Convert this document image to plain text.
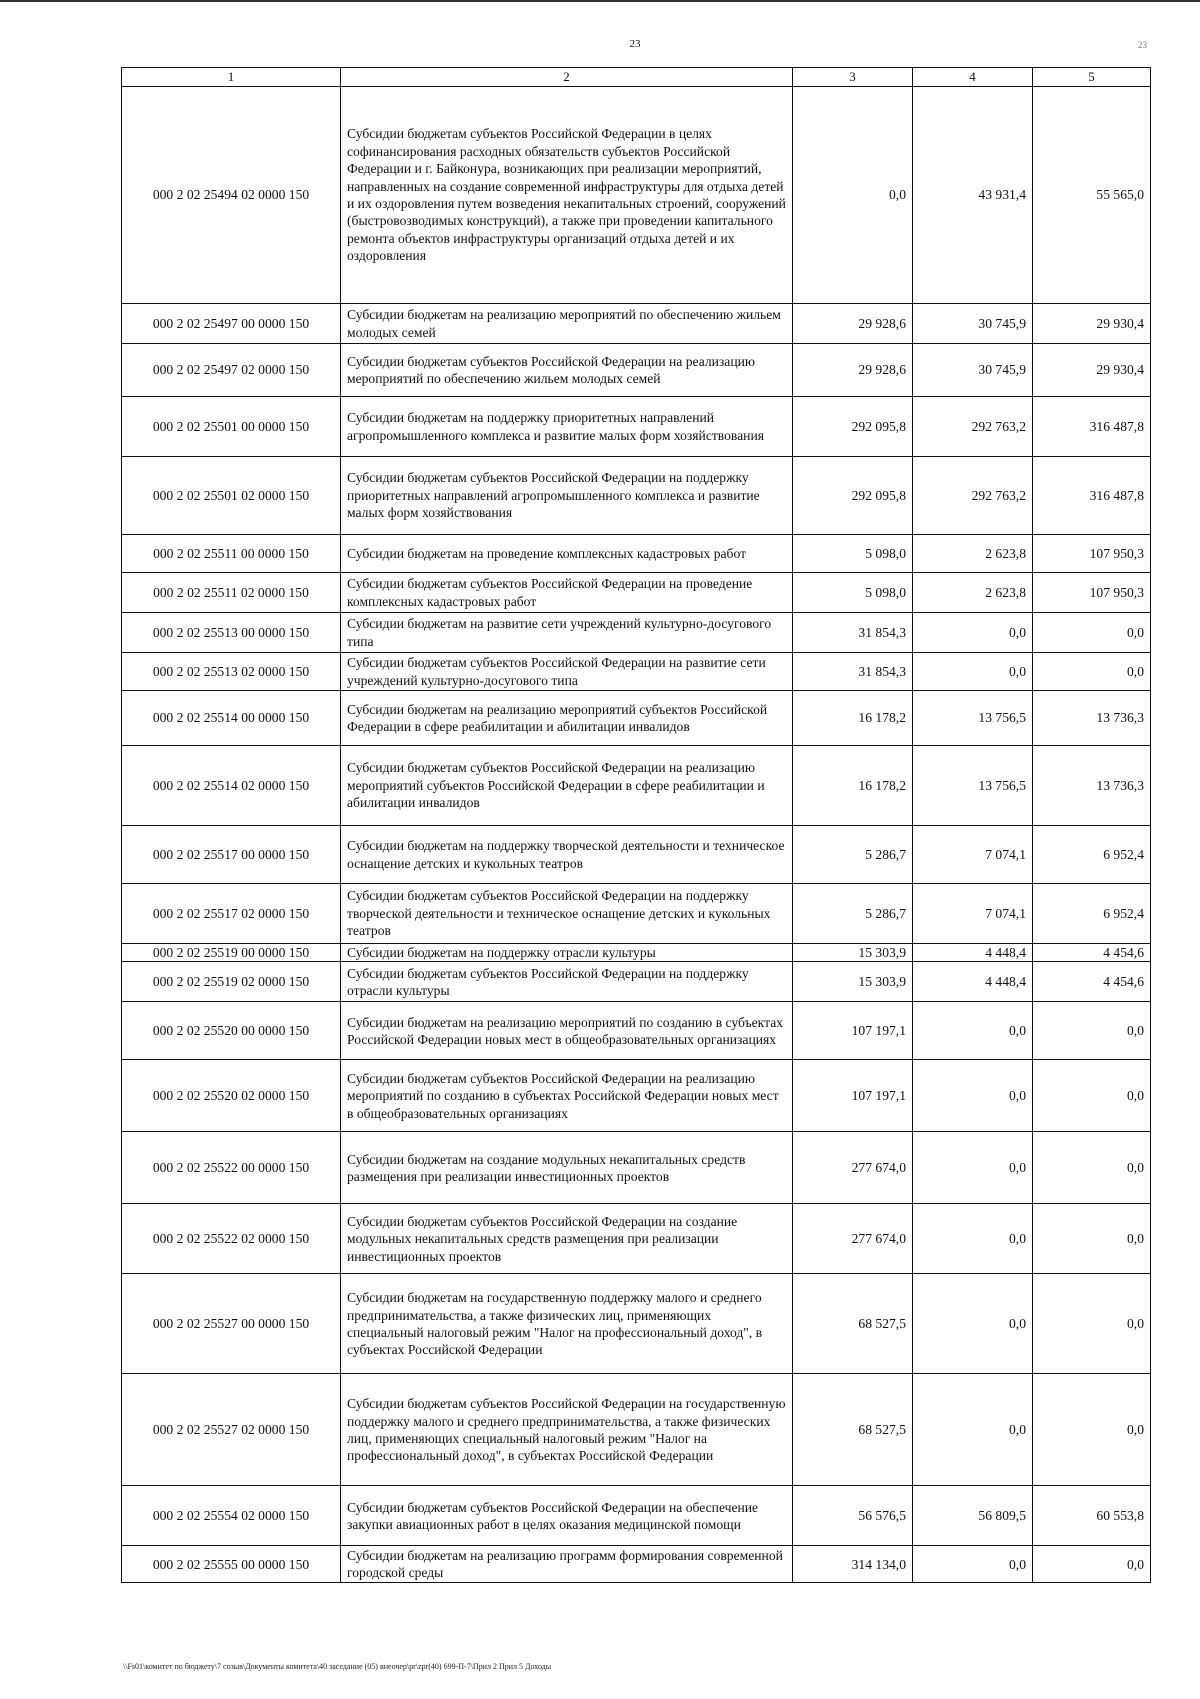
23	23
1	2	3	4	5
000 2 02 25494 02 0000 150	Субсидии бюджетам субъектов Российской Федерации в целях софинансирования расходных обязательств субъектов Российской Федерации и г. Байконура, возникающих при реализации мероприятий, направленных на создание современной инфраструктуры для отдыха детей и их оздоровления путем возведения некапитальных строений, сооружений (быстровозводимых конструкций), а также при проведении капитального ремонта объектов инфраструктуры организаций отдыха детей и их оздоровления	0,0	43 931,4	55 565,0
000 2 02 25497 00 0000 150	Субсидии бюджетам на реализацию мероприятий по обеспечению жильем молодых семей	29 928,6	30 745,9	29 930,4
000 2 02 25497 02 0000 150	Субсидии бюджетам субъектов Российской Федерации на реализацию мероприятий по обеспечению жильем молодых семей	29 928,6	30 745,9	29 930,4
000 2 02 25501 00 0000 150	Субсидии бюджетам на поддержку приоритетных направлений агропромышленного комплекса и развитие малых форм хозяйствования	292 095,8	292 763,2	316 487,8
000 2 02 25501 02 0000 150	Субсидии бюджетам субъектов Российской Федерации на поддержку приоритетных направлений агропромышленного комплекса и развитие малых форм хозяйствования	292 095,8	292 763,2	316 487,8
000 2 02 25511 00 0000 150	Субсидии бюджетам на проведение комплексных кадастровых работ	5 098,0	2 623,8	107 950,3
000 2 02 25511 02 0000 150	Субсидии бюджетам субъектов Российской Федерации на проведение комплексных кадастровых работ	5 098,0	2 623,8	107 950,3
000 2 02 25513 00 0000 150	Субсидии бюджетам на развитие сети учреждений культурно-досугового типа	31 854,3	0,0	0,0
000 2 02 25513 02 0000 150	Субсидии бюджетам субъектов Российской Федерации на развитие сети учреждений культурно-досугового типа	31 854,3	0,0	0,0
000 2 02 25514 00 0000 150	Субсидии бюджетам на реализацию мероприятий субъектов Российской Федерации в сфере реабилитации и абилитации инвалидов	16 178,2	13 756,5	13 736,3
000 2 02 25514 02 0000 150	Субсидии бюджетам субъектов Российской Федерации на реализацию мероприятий субъектов Российской Федерации в сфере реабилитации и абилитации инвалидов	16 178,2	13 756,5	13 736,3
000 2 02 25517 00 0000 150	Субсидии бюджетам на поддержку творческой деятельности и техническое оснащение детских и кукольных театров	5 286,7	7 074,1	6 952,4
000 2 02 25517 02 0000 150	Субсидии бюджетам субъектов Российской Федерации на поддержку творческой деятельности и техническое оснащение детских и кукольных театров	5 286,7	7 074,1	6 952,4
000 2 02 25519 00 0000 150	Субсидии бюджетам на поддержку отрасли культуры	15 303,9	4 448,4	4 454,6
000 2 02 25519 02 0000 150	Субсидии бюджетам субъектов Российской Федерации на поддержку отрасли культуры	15 303,9	4 448,4	4 454,6
000 2 02 25520 00 0000 150	Субсидии бюджетам на реализацию мероприятий по созданию в субъектах Российской Федерации новых мест в общеобразовательных организациях	107 197,1	0,0	0,0
000 2 02 25520 02 0000 150	Субсидии бюджетам субъектов Российской Федерации на реализацию мероприятий по созданию в субъектах Российской Федерации новых мест в общеобразовательных организациях	107 197,1	0,0	0,0
000 2 02 25522 00 0000 150	Субсидии бюджетам на создание модульных некапитальных средств размещения при реализации инвестиционных проектов	277 674,0	0,0	0,0
000 2 02 25522 02 0000 150	Субсидии бюджетам субъектов Российской Федерации на создание модульных некапитальных средств размещения при реализации инвестиционных проектов	277 674,0	0,0	0,0
000 2 02 25527 00 0000 150	Субсидии бюджетам на государственную поддержку малого и среднего предпринимательства, а также физических лиц, применяющих специальный налоговый режим "Налог на профессиональный доход", в субъектах Российской Федерации	68 527,5	0,0	0,0
000 2 02 25527 02 0000 150	Субсидии бюджетам субъектов Российской Федерации на государственную поддержку малого и среднего предпринимательства, а также физических лиц, применяющих специальный налоговый режим "Налог на профессиональный доход", в субъектах Российской Федерации	68 527,5	0,0	0,0
000 2 02 25554 02 0000 150	Субсидии бюджетам субъектов Российской Федерации на обеспечение закупки авиационных работ в целях оказания медицинской помощи	56 576,5	56 809,5	60 553,8
000 2 02 25555 00 0000 150	Субсидии бюджетам на реализацию программ формирования современной городской среды	314 134,0	0,0	0,0
\\Fs01\комитет по бюджету\7 созыв\Документы комитета\40 заседание (05) внеочер\pr\zpr(40) 699-П-7\Прил 2 Прил 5 Доходы
